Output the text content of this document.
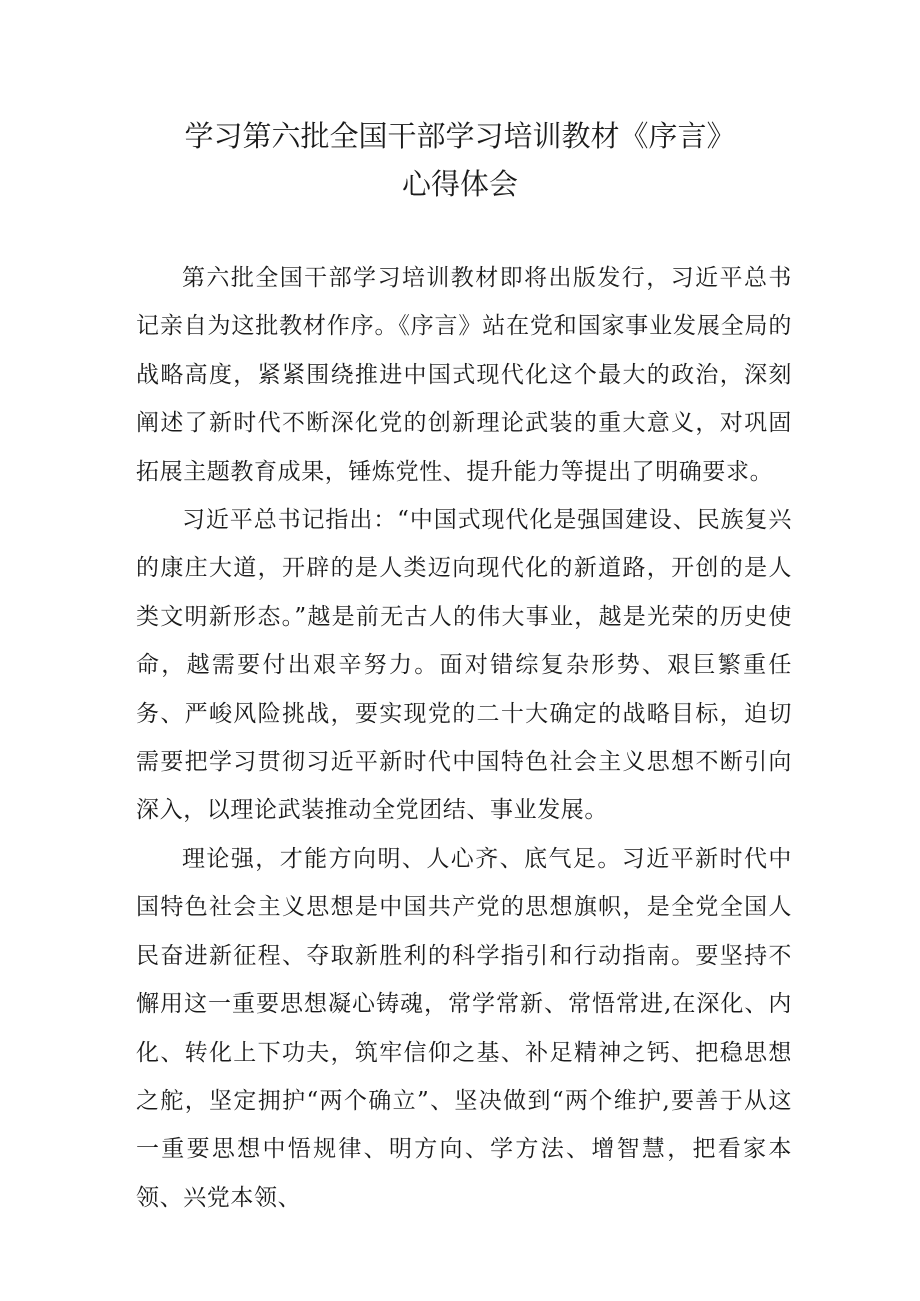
学习第六批全国干部学习培训教材《序言》
心得体会

第六批全国干部学习培训教材即将出版发行，习近平总书记亲自为这批教材作序。《序言》站在党和国家事业发展全局的战略高度，紧紧围绕推进中国式现代化这个最大的政治，深刻阐述了新时代不断深化党的创新理论武装的重大意义，对巩固拓展主题教育成果，锤炼党性、提升能力等提出了明确要求。

习近平总书记指出：“中国式现代化是强国建设、民族复兴的康庄大道，开辟的是人类迈向现代化的新道路，开创的是人类文明新形态。”越是前无古人的伟大事业，越是光荣的历史使命，越需要付出艰辛努力。面对错综复杂形势、艰巨繁重任务、严峻风险挑战，要实现党的二十大确定的战略目标，迫切需要把学习贯彻习近平新时代中国特色社会主义思想不断引向深入，以理论武装推动全党团结、事业发展。

理论强，才能方向明、人心齐、底气足。习近平新时代中国特色社会主义思想是中国共产党的思想旗帜，是全党全国人民奋进新征程、夺取新胜利的科学指引和行动指南。要坚持不懈用这一重要思想凝心铸魂，常学常新、常悟常进,在深化、内化、转化上下功夫，筑牢信仰之基、补足精神之钙、把稳思想之舵，坚定拥护“两个确立”、坚决做到“两个维护,要善于从这一重要思想中悟规律、明方向、学方法、增智慧，把看家本领、兴党本领、
